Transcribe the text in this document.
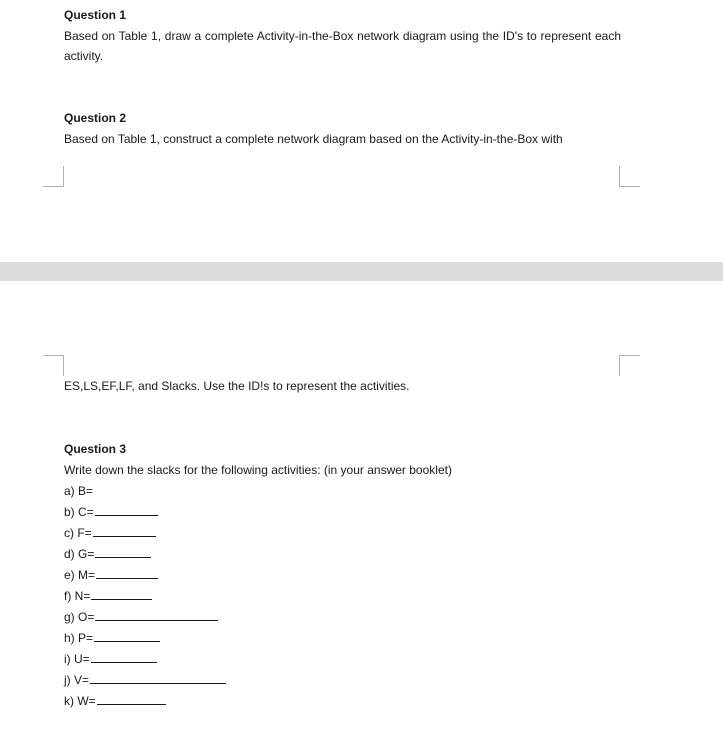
Question 1
Based on Table 1, draw a complete Activity-in-the-Box network diagram using the ID's to represent each activity.
Question 2
Based on Table 1, construct a complete network diagram based on the Activity-in-the-Box with
ES,LS,EF,LF, and Slacks. Use the ID!s to represent the activities.
Question 3
Write down the slacks for the following activities: (in your answer booklet)
a) B=
b) C=
c) F=
d) G=
e) M=
f) N=
g) O=
h) P=
i) U=
j) V=
k) W=
